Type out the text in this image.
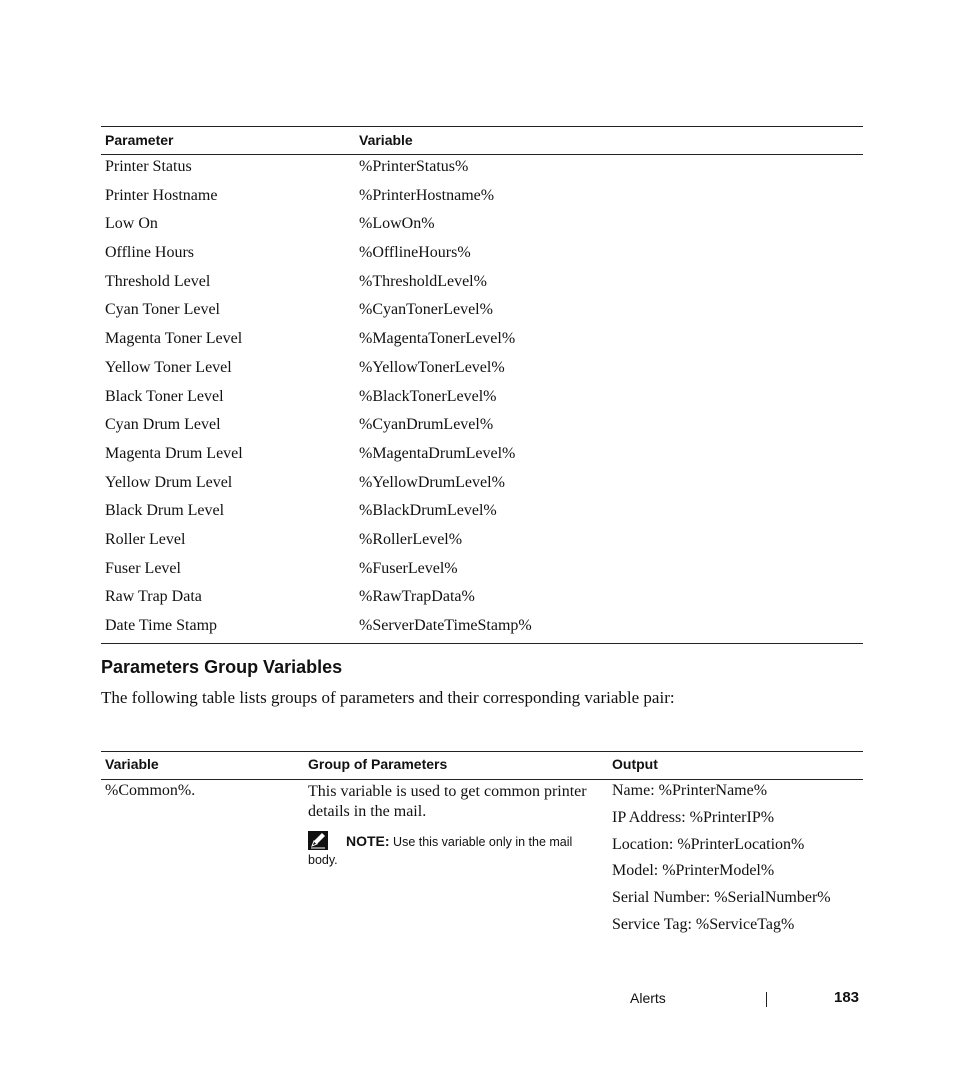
Parameter	Variable
Printer Status	%PrinterStatus%
Printer Hostname	%PrinterHostname%
Low On	%LowOn%
Offline Hours	%OfflineHours%
Threshold Level	%ThresholdLevel%
Cyan Toner Level	%CyanTonerLevel%
Magenta Toner Level	%MagentaTonerLevel%
Yellow Toner Level	%YellowTonerLevel%
Black Toner Level	%BlackTonerLevel%
Cyan Drum Level	%CyanDrumLevel%
Magenta Drum Level	%MagentaDrumLevel%
Yellow Drum Level	%YellowDrumLevel%
Black Drum Level	%BlackDrumLevel%
Roller Level	%RollerLevel%
Fuser Level	%FuserLevel%
Raw Trap Data	%RawTrapData%
Date Time Stamp	%ServerDateTimeStamp%
Parameters Group Variables
The following table lists groups of parameters and their corresponding variable pair:
Variable	Group of Parameters	Output
%Common%.	This variable is used to get common printer details in the mail.
NOTE: Use this variable only in the mail body.
Name: %PrinterName%
IP Address: %PrinterIP%
Location: %PrinterLocation%
Model: %PrinterModel%
Serial Number: %SerialNumber%
Service Tag: %ServiceTag%
Alerts	183
